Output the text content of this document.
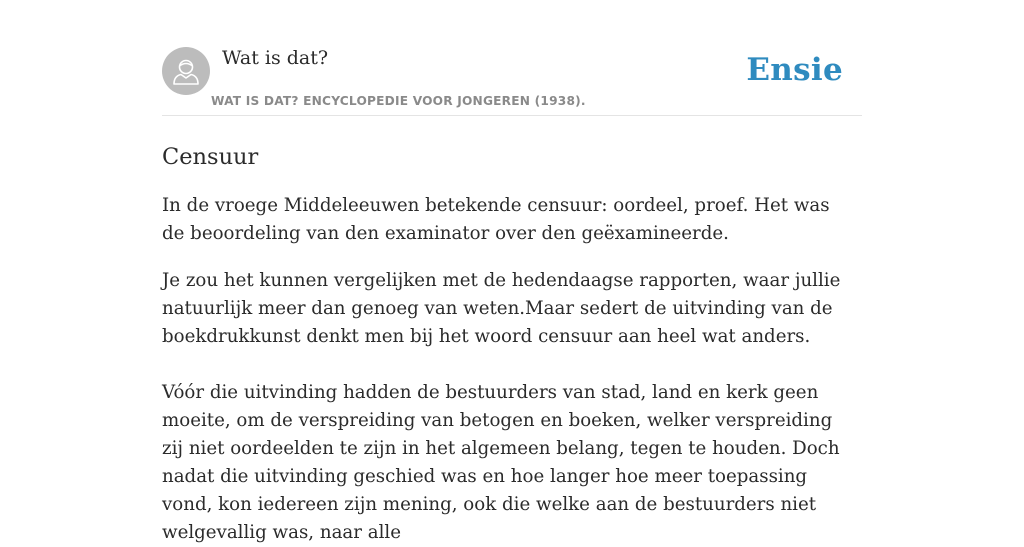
Wat is dat?

WAT IS DAT? ENCYCLOPEDIE VOOR JONGEREN (1938).

Ensie
Censuur

In de vroege Middeleeuwen betekende censuur: oordeel, proef. Het was de beoordeling van den examinator over den geëxamineerde.

Je zou het kunnen vergelijken met de hedendaagse rapporten, waar jullie natuurlijk meer dan genoeg van weten.Maar sedert de uitvinding van de boekdrukkunst denkt men bij het woord censuur aan heel wat anders.

Vóór die uitvinding hadden de bestuurders van stad, land en kerk geen moeite, om de verspreiding van betogen en boeken, welker verspreiding zij niet oordeelden te zijn in het algemeen belang, tegen te houden. Doch nadat die uitvinding geschied was en hoe langer hoe meer toepassing vond, kon iedereen zijn mening, ook die welke aan de bestuurders niet welgevallig was, naar alle
